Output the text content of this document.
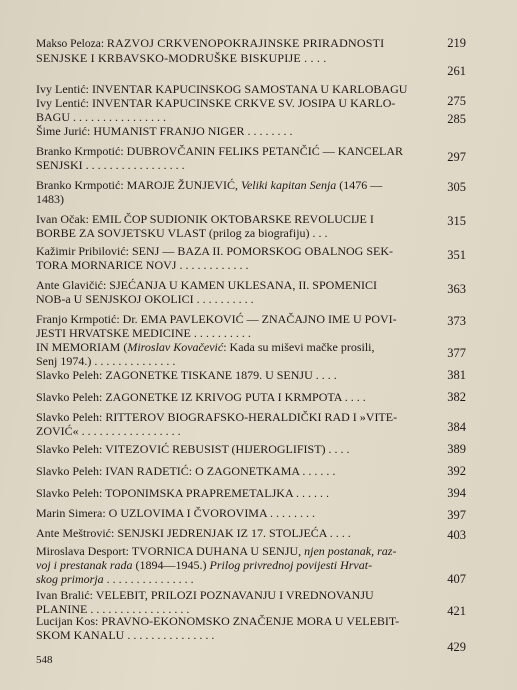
Makso Peloza: RAZVOJ CRKVENOPOKRAJINSKE PRIRADNOSTI
SENJSKE I KRBAVSKO-MODRUŠKE BISKUPIJE . . . .
219
Ivy Lentić: INVENTAR KAPUCINSKOG SAMOSTANA U KARLOBAGU
261
Ivy Lentić: INVENTAR KAPUCINSKE CRKVE SV. JOSIPA U KARLO-
BAGU . . . . . . . . . . . . . . . .
275
Šime Jurić: HUMANIST FRANJO NIGER . . . . . . . .
285
Branko Krmpotić: DUBROVČANIN FELIKS PETANČIĆ — KANCELAR
SENJSKI . . . . . . . . . . . . . . . . .
297
Branko Krmpotić: MAROJE ŽUNJEVIĆ, Veliki kapitan Senja (1476 —
1483)
305
Ivan Očak: EMIL ČOP SUDIONIK OKTOBARSKE REVOLUCIJE I
BORBE ZA SOVJETSKU VLAST (prilog za biografiju) . . .
315
Kažimir Pribilović: SENJ — BAZA II. POMORSKOG OBALNOG SEK-
TORA MORNARICE NOVJ . . . . . . . . . . . .
351
Ante Glavičić: SJEĆANJA U KAMEN UKLESANA, II. SPOMENICI
NOB-a U SENJSKOJ OKOLICI . . . . . . . . . .
363
Franjo Krmpotić: Dr. EMA PAVLEKOVIĆ — ZNAČAJNO IME U POVI-
JESTI HRVATSKE MEDICINE . . . . . . . . . .
373
IN MEMORIAM (Miroslav Kovačević: Kada su miševi mačke prosili,
Senj 1974.) . . . . . . . . . . . . . .
377
Slavko Peleh: ZAGONETKE TISKANE 1879. U SENJU . . . .	381
Slavko Peleh: ZAGONETKE IZ KRIVOG PUTA I KRMPOTA . . . .	382
Slavko Peleh: RITTEROV BIOGRAFSKO-HERALDIČKI RAD I »VITE-
ZOVIĆ« . . . . . . . . . . . . . . . . .	384
Slavko Peleh: VITEZOVIĆ REBUSIST (HIJEROGLIFIST) . . . .	389
Slavko Peleh: IVAN RADETIĆ: O ZAGONETKAMA . . . . . .	392
Slavko Peleh: TOPONIMSKA PRAPREMETALJKA . . . . . .	394
Marin Simera: O UZLOVIMA I ČVOROVIMA . . . . . . . .	397
Ante Meštrović: SENJSKI JEDRENJAK IZ 17. STOLJEĆA . . . .	403
Miroslava Desport: TVORNICA DUHANA U SENJU, njen postanak, raz-
voj i prestanak rada (1894—1945.) Prilog privrednoj povijesti Hrvat-
skog primorja . . . . . . . . . . . . . . .	407
Ivan Bralić: VELEBIT, PRILOZI POZNAVANJU I VREDNOVANJU
PLANINE . . . . . . . . . . . . . . . . .	421
Lucijan Kos: PRAVNO-EKONOMSKO ZNAČENJE MORA U VELEBIT-
SKOM KANALU . . . . . . . . . . . . . . .
429
548
